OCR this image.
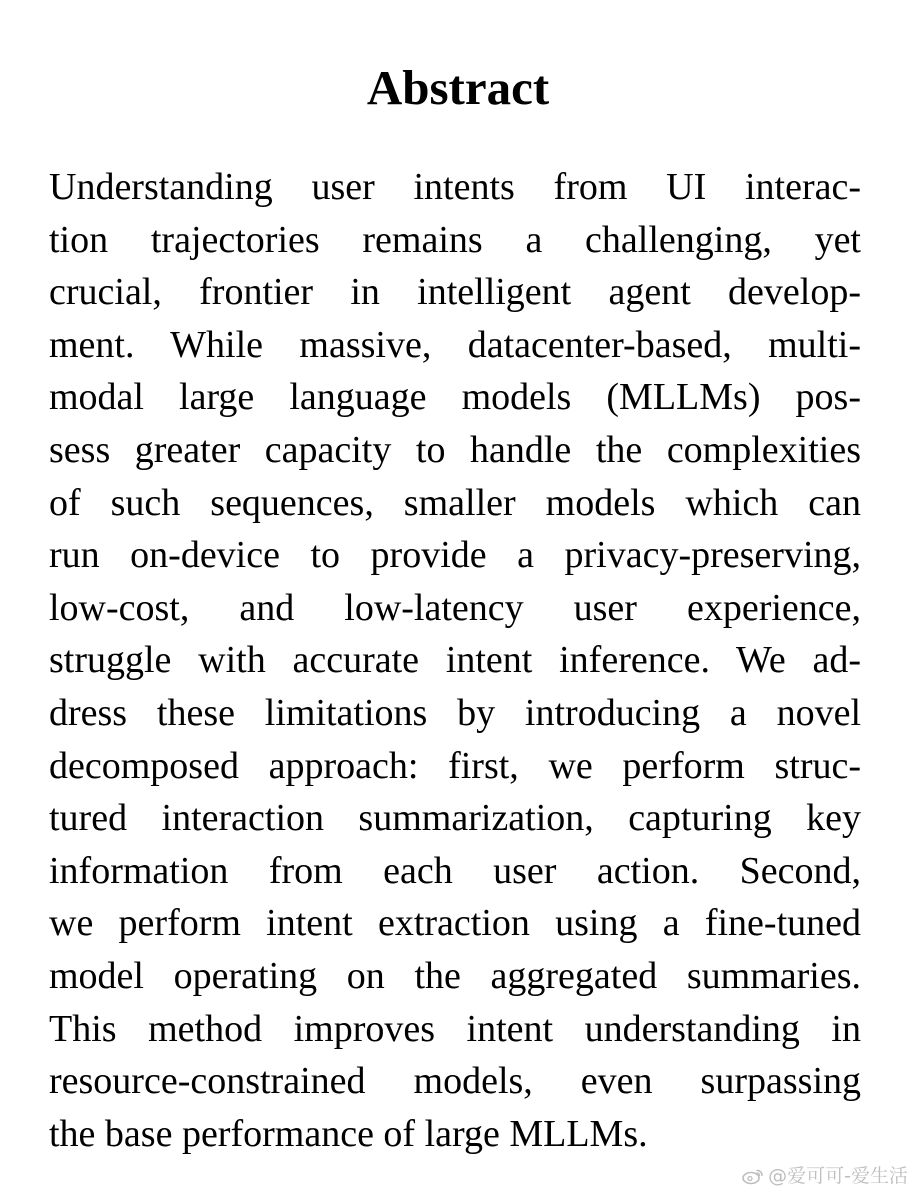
Abstract
Understanding user intents from UI interac-
tion trajectories remains a challenging, yet
crucial, frontier in intelligent agent develop-
ment. While massive, datacenter-based, multi-
modal large language models (MLLMs) pos-
sess greater capacity to handle the complexities
of such sequences, smaller models which can
run on-device to provide a privacy-preserving,
low-cost, and low-latency user experience,
struggle with accurate intent inference. We ad-
dress these limitations by introducing a novel
decomposed approach: first, we perform struc-
tured interaction summarization, capturing key
information from each user action. Second,
we perform intent extraction using a fine-tuned
model operating on the aggregated summaries.
This method improves intent understanding in
resource-constrained models, even surpassing
the base performance of large MLLMs.
@爱可可-爱生活
